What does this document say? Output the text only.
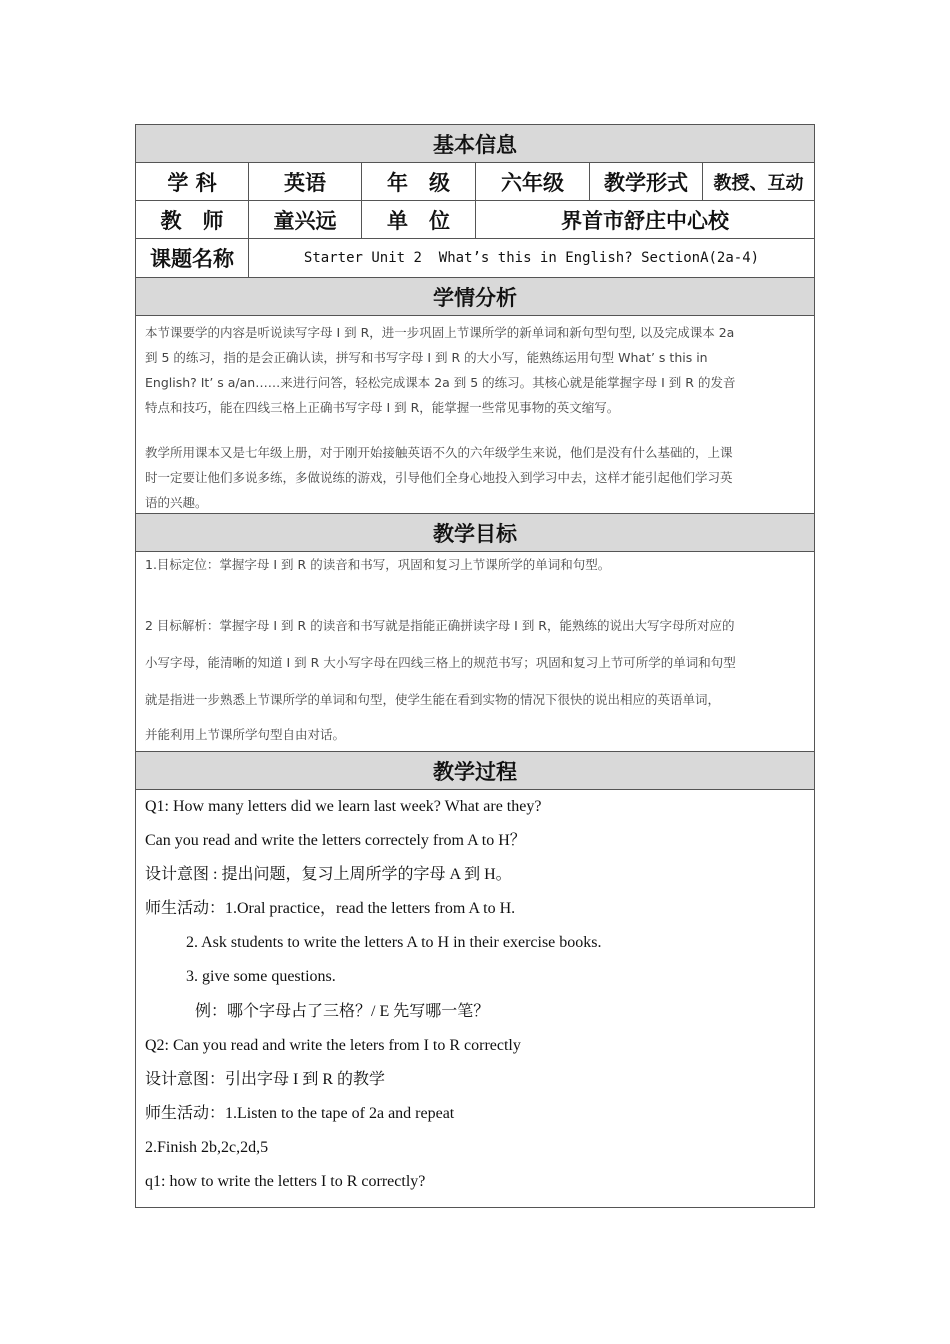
基本信息
学 科	英语	年　级	六年级	教学形式	教授、互动
教　师	童兴远	单　位	界首市舒庄中心校
课题名称	Starter Unit 2  What’s this in English? SectionA(2a-4)
学情分析

本节课要学的内容是听说读写字母 I 到 R，进一步巩固上节课所学的新单词和新句型句型, 以及完成课本 2a

到 5 的练习，指的是会正确认读，拼写和书写字母 I 到 R 的大小写，能熟练运用句型 What’ s this in

English? It’ s a/an……来进行问答，轻松完成课本 2a 到 5 的练习。其核心就是能掌握字母 I 到 R 的发音

特点和技巧，能在四线三格上正确书写字母 I 到 R，能掌握一些常见事物的英文缩写。

教学所用课本又是七年级上册，对于刚开始接触英语不久的六年级学生来说，他们是没有什么基础的，上课

时一定要让他们多说多练，多做说练的游戏，引导他们全身心地投入到学习中去，这样才能引起他们学习英

语的兴趣。

教学目标

1.目标定位：掌握字母 I 到 R 的读音和书写，巩固和复习上节课所学的单词和句型。

2 目标解析：掌握字母 I 到 R 的读音和书写就是指能正确拼读字母 I 到 R，能熟练的说出大写字母所对应的

小写字母，能清晰的知道 I 到 R 大小写字母在四线三格上的规范书写；巩固和复习上节可所学的单词和句型

就是指进一步熟悉上节课所学的单词和句型，使学生能在看到实物的情况下很快的说出相应的英语单词，

并能利用上节课所学句型自由对话。

教学过程

Q1: How many letters did we learn last week? What are they?

Can you read and write the letters correctely from A to H？

设计意图 : 提出问题，复习上周所学的字母 A 到 H。

师生活动：1.Oral practice，read the letters from A to H.

2. Ask students to write the letters A to H in their exercise books.

3. give some questions.

例：哪个字母占了三格？/ E 先写哪一笔？

Q2: Can you read and write the leters from I to R correctly

设计意图：引出字母 I 到 R 的教学

师生活动：1.Listen to the tape of 2a and repeat

2.Finish 2b,2c,2d,5

q1: how to write the letters I to R correctly?
